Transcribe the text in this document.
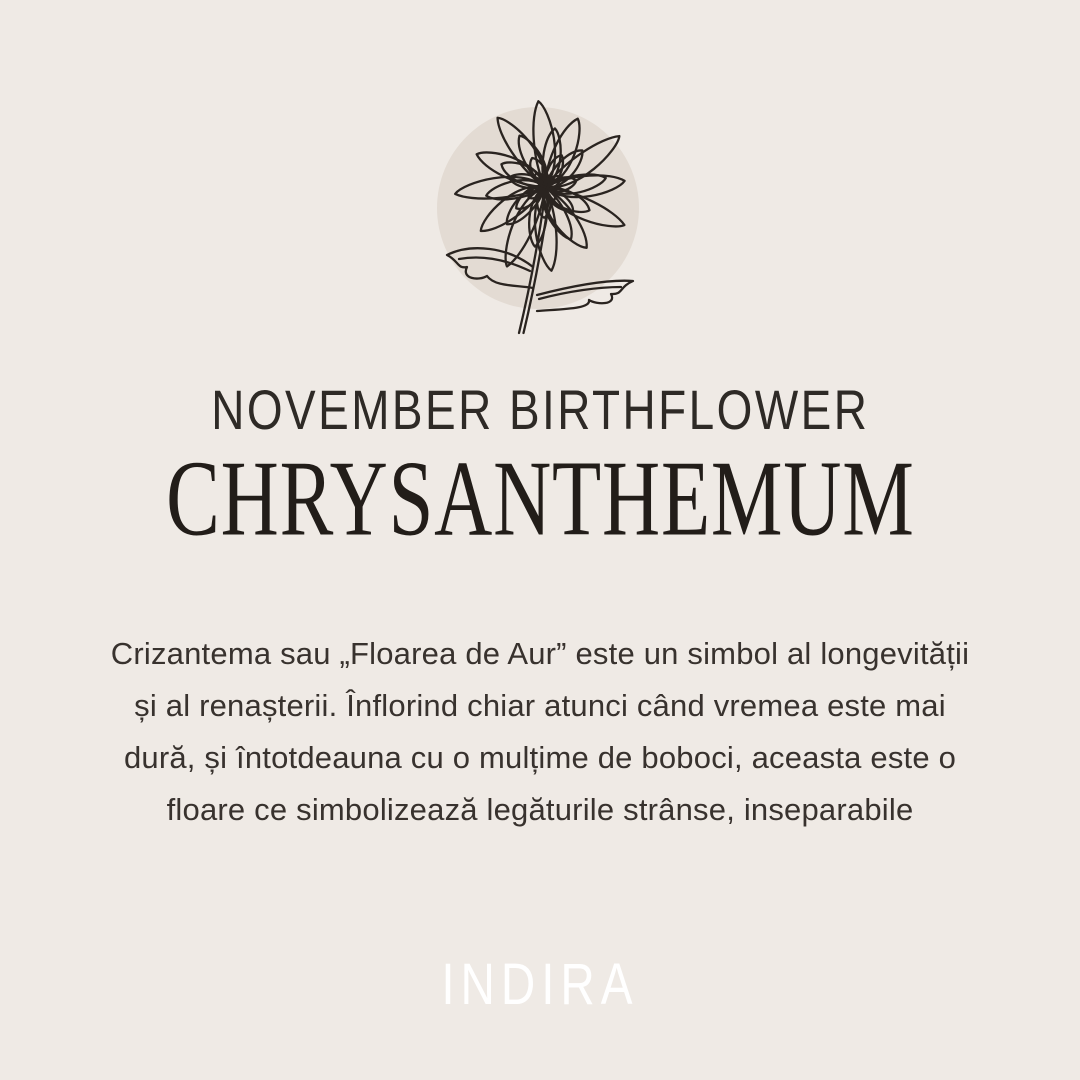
NOVEMBER BIRTHFLOWER
CHRYSANTHEMUM
Crizantema sau „Floarea de Aur” este un simbol al longevității
și al renașterii. Înflorind chiar atunci când vremea este mai
dură, și întotdeauna cu o mulțime de boboci, aceasta este o
floare ce simbolizează legăturile strânse, inseparabile
INDIRA
